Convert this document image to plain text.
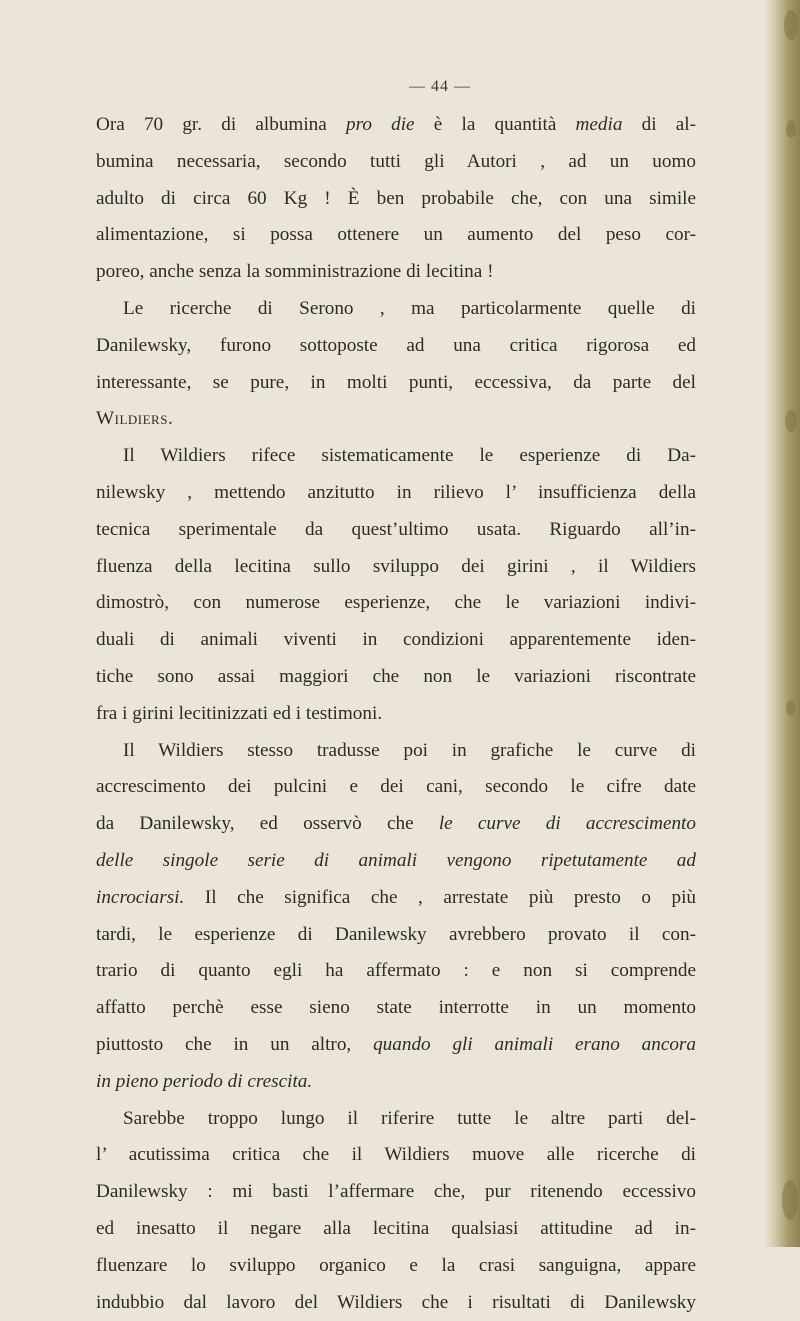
— 44 —
Ora 70 gr. di albumina pro die è la quantità media di al-
bumina necessaria, secondo tutti gli Autori , ad un uomo
adulto di circa 60 Kg ! È ben probabile che, con una simile
alimentazione, si possa ottenere un aumento del peso cor-
poreo, anche senza la somministrazione di lecitina !
Le ricerche di Serono , ma particolarmente quelle di
Danilewsky, furono sottoposte ad una critica rigorosa ed
interessante, se pure, in molti punti, eccessiva, da parte del
Wildiers.
Il Wildiers rifece sistematicamente le esperienze di Da-
nilewsky , mettendo anzitutto in rilievo l’ insufficienza della
tecnica sperimentale da quest’ultimo usata. Riguardo all’in-
fluenza della lecitina sullo sviluppo dei girini , il Wildiers
dimostrò, con numerose esperienze, che le variazioni indivi-
duali di animali viventi in condizioni apparentemente iden-
tiche sono assai maggiori che non le variazioni riscontrate
fra i girini lecitinizzati ed i testimoni.
Il Wildiers stesso tradusse poi in grafiche le curve di
accrescimento dei pulcini e dei cani, secondo le cifre date
da Danilewsky, ed osservò che le curve di accrescimento
delle singole serie di animali vengono ripetutamente ad
incrociarsi. Il che significa che , arrestate più presto o più
tardi, le esperienze di Danilewsky avrebbero provato il con-
trario di quanto egli ha affermato : e non si comprende
affatto perchè esse sieno state interrotte in un momento
piuttosto che in un altro, quando gli animali erano ancora
in pieno periodo di crescita.
Sarebbe troppo lungo il riferire tutte le altre parti del-
l’ acutissima critica che il Wildiers muove alle ricerche di
Danilewsky : mi basti l’affermare che, pur ritenendo eccessivo
ed inesatto il negare alla lecitina qualsiasi attitudine ad in-
fluenzare lo sviluppo organico e la crasi sanguigna, appare
indubbio dal lavoro del Wildiers che i risultati di Danilewsky
